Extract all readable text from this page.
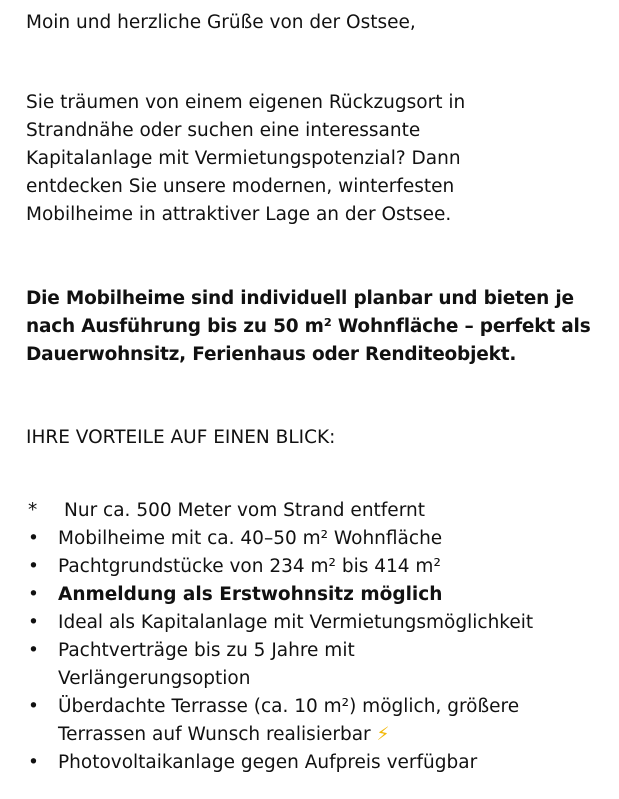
Moin und herzliche Grüße von der Ostsee,

Sie träumen von einem eigenen Rückzugsort in
Strandnähe oder suchen eine interessante
Kapitalanlage mit Vermietungspotenzial? Dann
entdecken Sie unsere modernen, winterfesten
Mobilheime in attraktiver Lage an der Ostsee.

Die Mobilheime sind individuell planbar und bieten je
nach Ausführung bis zu 50 m² Wohnfläche – perfekt als
Dauerwohnsitz, Ferienhaus oder Renditeobjekt.

IHRE VORTEILE AUF EINEN BLICK:

*	Nur ca. 500 Meter vom Strand entfernt
•	Mobilheime mit ca. 40–50 m² Wohnfläche
•	Pachtgrundstücke von 234 m² bis 414 m²
•	Anmeldung als Erstwohnsitz möglich
•	Ideal als Kapitalanlage mit Vermietungsmöglichkeit
•	Pachtverträge bis zu 5 Jahre mit
Verlängerungsoption
•	Überdachte Terrasse (ca. 10 m²) möglich, größere
Terrassen auf Wunsch realisierbar ⚡
•	Photovoltaikanlage gegen Aufpreis verfügbar
